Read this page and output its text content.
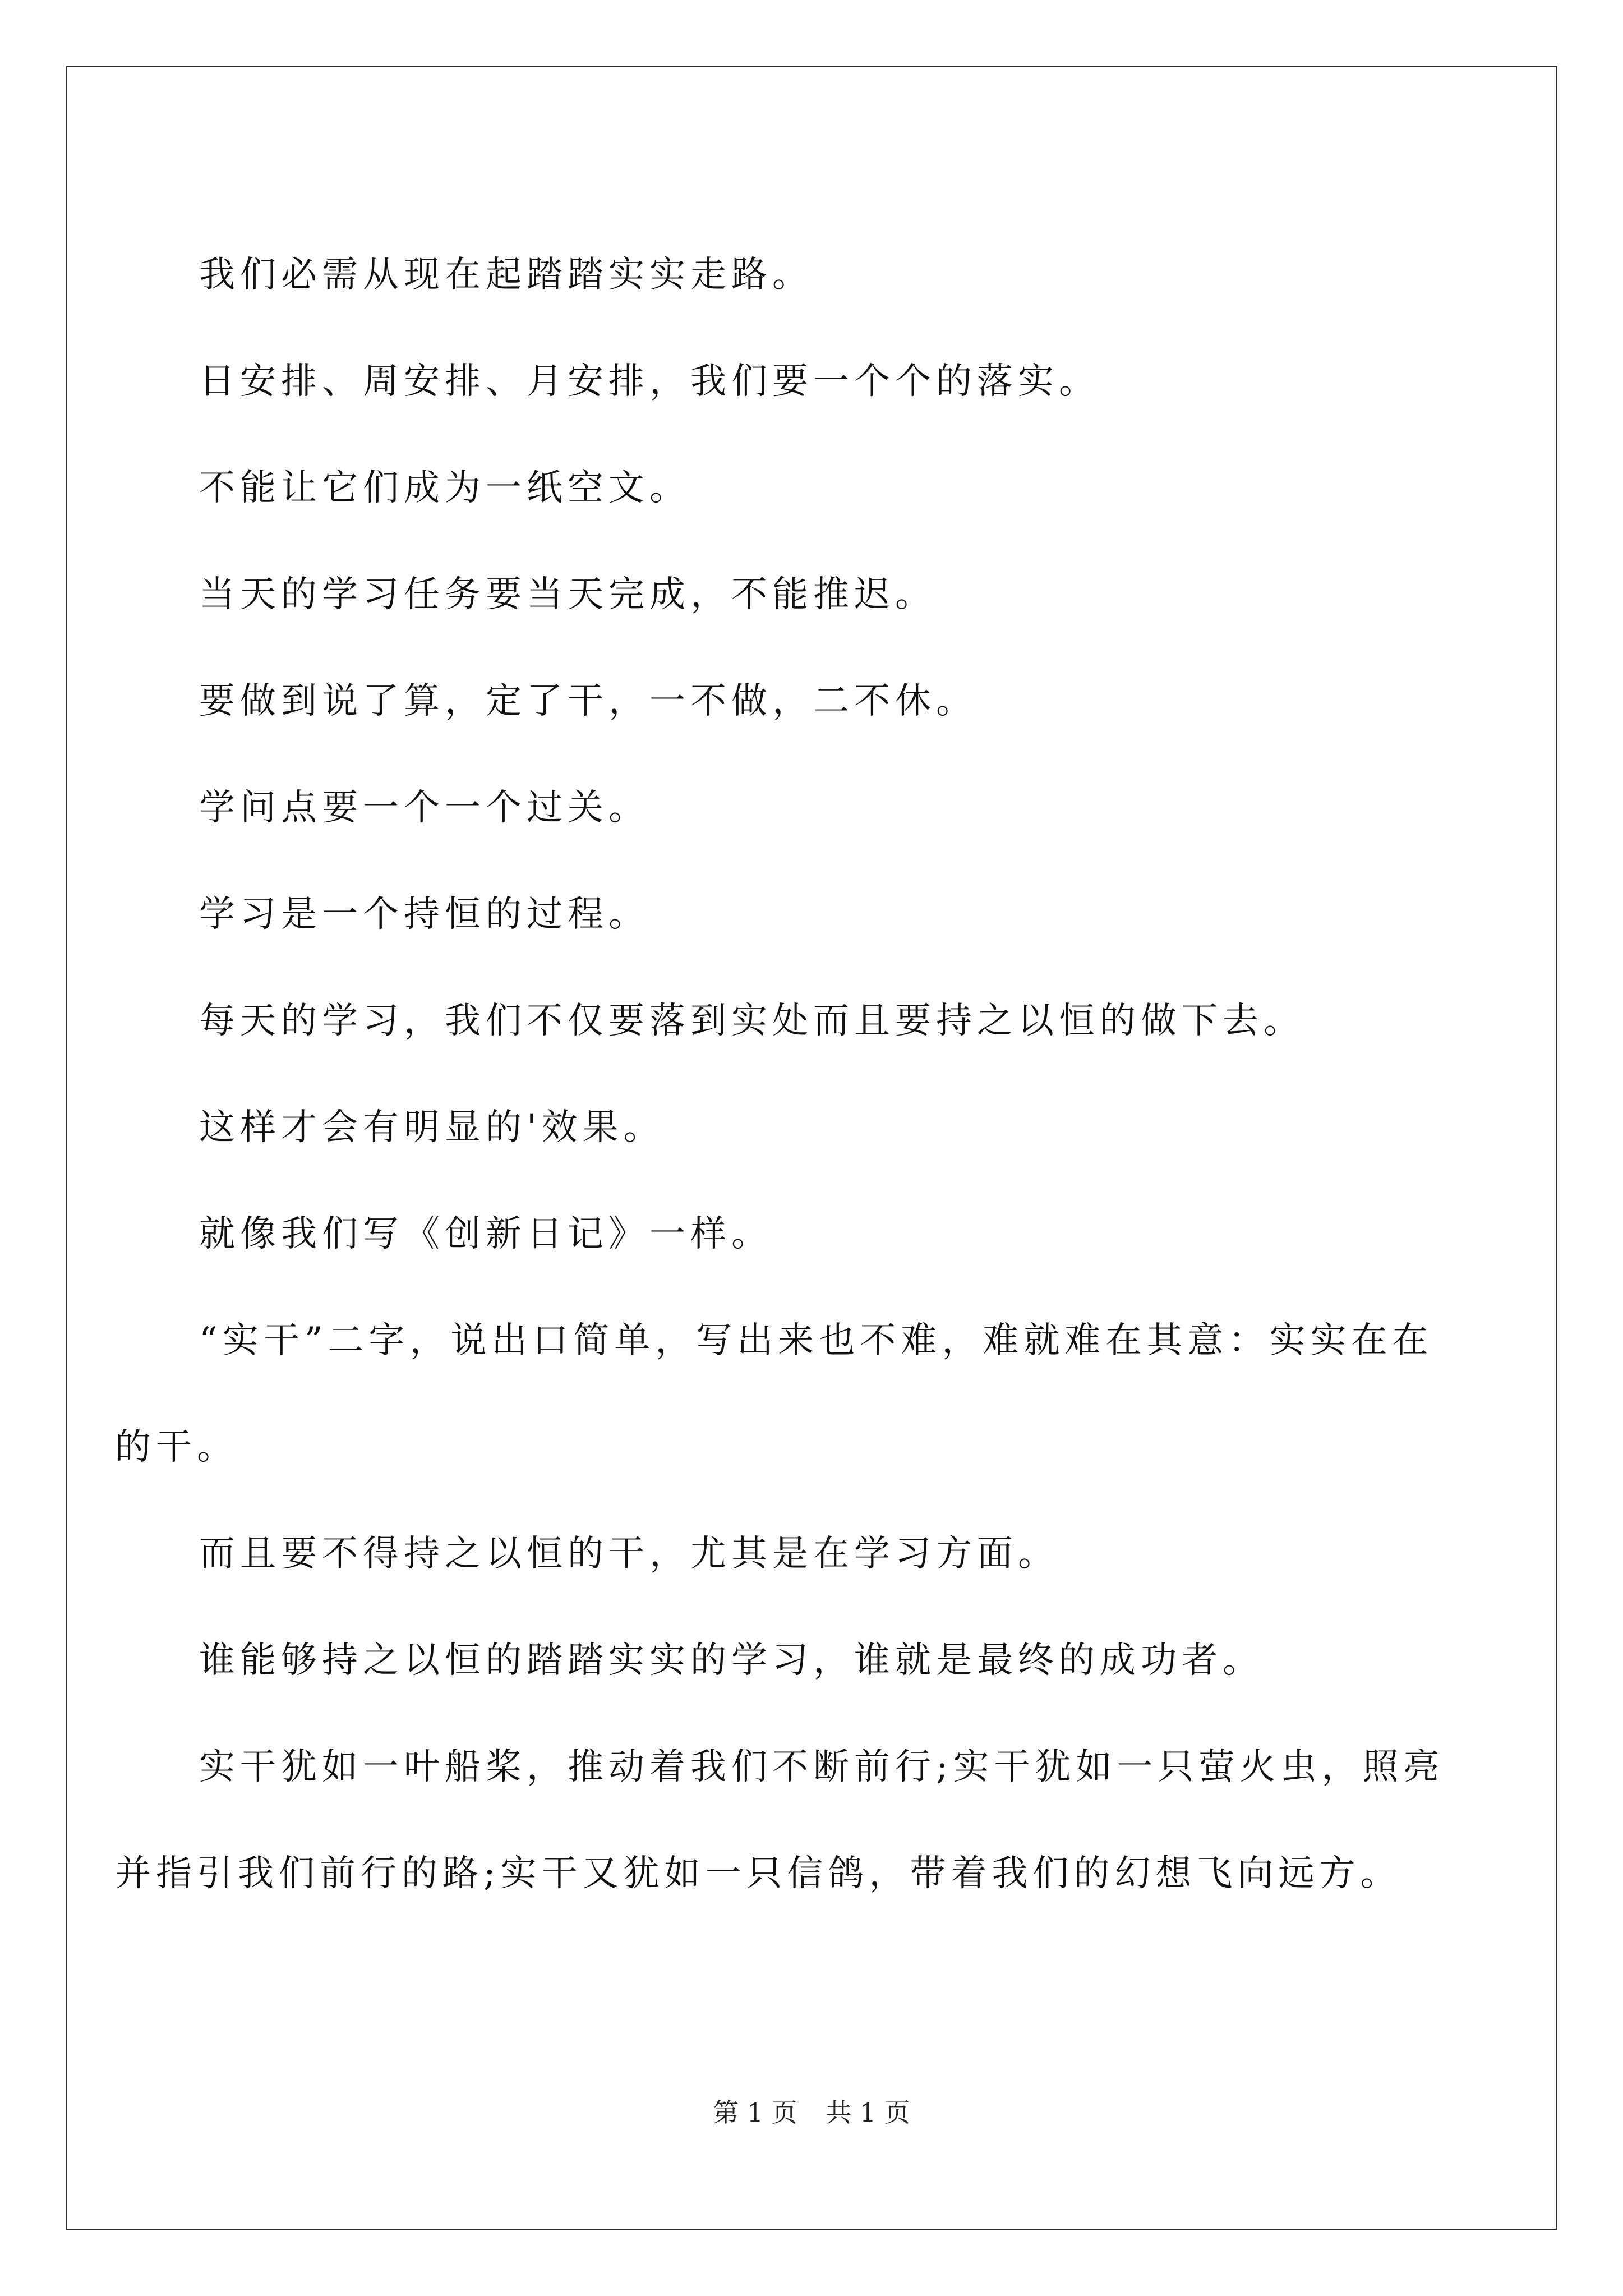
我们必需从现在起踏踏实实走路。

日安排、周安排、月安排，我们要一个个的落实。

不能让它们成为一纸空文。

当天的学习任务要当天完成，不能推迟。

要做到说了算，定了干，一不做，二不休。

学问点要一个一个过关。

学习是一个持恒的过程。

每天的学习，我们不仅要落到实处而且要持之以恒的做下去。

这样才会有明显的'效果。

就像我们写《创新日记》一样。

“实干”二字，说出口简单，写出来也不难，难就难在其意：实实在在的干。

而且要不得持之以恒的干，尤其是在学习方面。

谁能够持之以恒的踏踏实实的学习，谁就是最终的成功者。

实干犹如一叶船桨，推动着我们不断前行;实干犹如一只萤火虫，照亮并指引我们前行的路;实干又犹如一只信鸽，带着我们的幻想飞向远方。

第 1 页 共 1 页
